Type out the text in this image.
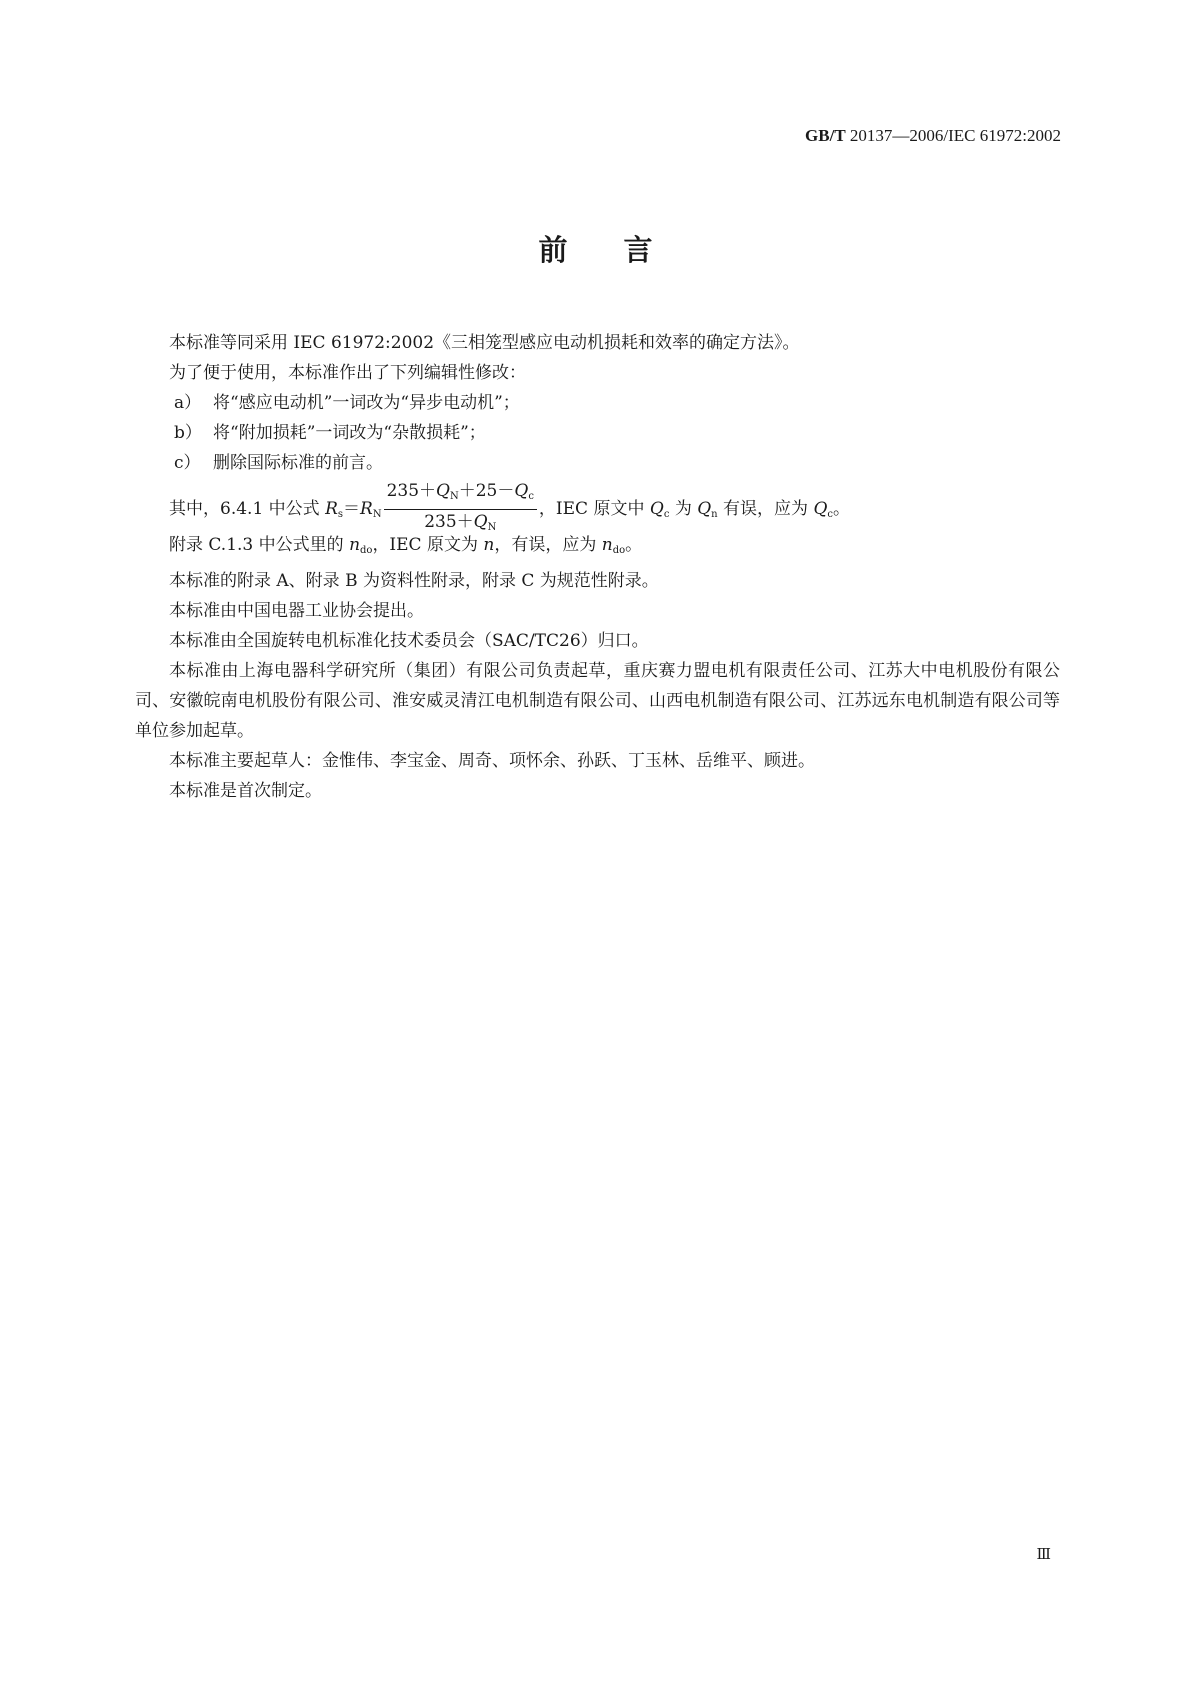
GB/T 20137—2006/IEC 61972:2002
前言

本标准等同采用 IEC 61972:2002《三相笼型感应电动机损耗和效率的确定方法》。

为了便于使用，本标准作出了下列编辑性修改：

a） 将“感应电动机”一词改为“异步电动机”；

b） 将“附加损耗”一词改为“杂散损耗”；

c） 删除国际标准的前言。

其中，6.4.1 中公式 $R_s=R_N \frac{235+Q_N+25-Q_c}{235+Q_N}$ ，IEC 原文中 $Q_c$ 为 $Q_n$ 有误，应为 $Q_c$。

附录 C.1.3 中公式里的 $n_{do}$，IEC 原文为 n，有误，应为 $n_{do}$。

本标准的附录 A、附录 B 为资料性附录，附录 C 为规范性附录。

本标准由中国电器工业协会提出。

本标准由全国旋转电机标准化技术委员会（SAC/TC26）归口。

本标准由上海电器科学研究所（集团）有限公司负责起草，重庆赛力盟电机有限责任公司、江苏大中电机股份有限公司、安徽皖南电机股份有限公司、淮安威灵清江电机制造有限公司、山西电机制造有限公司、江苏远东电机制造有限公司等单位参加起草。

本标准主要起草人：金惟伟、李宝金、周奇、项怀余、孙跃、丁玉林、岳维平、顾进。

本标准是首次制定。

Ⅲ
